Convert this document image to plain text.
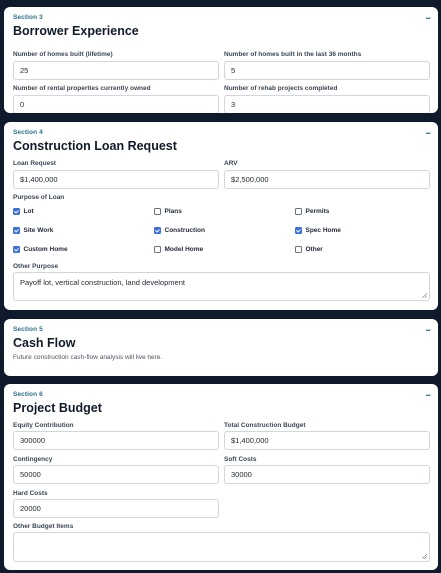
Section 3	...
Borrower Experience
Number of homes built (lifetime)
25
Number of homes built in the last 36 months
5
Number of rental properties currently owned
0
Number of rehab projects completed
3
Section 4	...
Construction Loan Request
Loan Request
$1,400,000
ARV
$2,500,000
Purpose of Loan
Lot	Plans	Permits
Site Work	Construction	Spec Home
Custom Home	Model Home	Other
Other Purpose
Payoff lot, vertical construction, land development
Section 5	...
Cash Flow
Future construction cash-flow analysis will live here.
Section 6	...
Project Budget
Equity Contribution
300000
Total Construction Budget
$1,400,000
Contingency
50000
Soft Costs
30000
Hard Costs
20000
Other Budget Items
